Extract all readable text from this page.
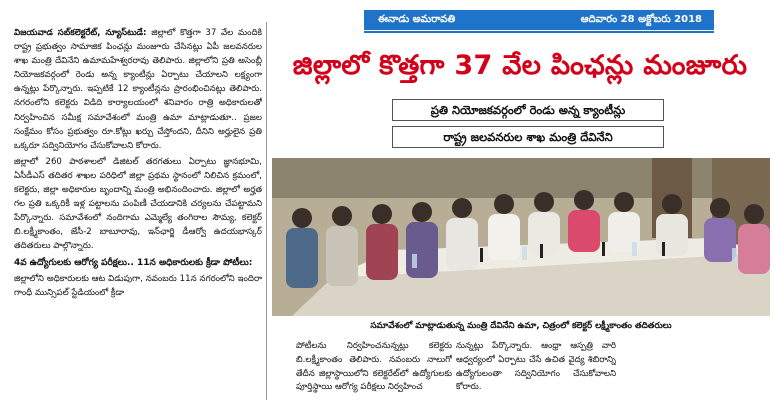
విజయవాడ సబ్‌కలెక్టరేట్, న్యూస్‌టుడే: జిల్లాలో కొత్తగా 37 వేల మందికి రాష్ట్ర ప్రభుత్వం సామాజిక పింఛన్లు మంజూరు చేసినట్లు ఏపీ జలవనరుల శాఖ మంత్రి దేవినేని ఉమామహేశ్వరరావు తెలిపారు. జిల్లాలోని ప్రతి అసెంబ్లీ నియోజకవర్గంలో రెండు అన్న క్యాంటీన్లు ఏర్పాటు చేయాలని లక్ష్యంగా ఉన్నట్లు పేర్కొన్నారు. ఇప్పటికే 12 క్యాంటీన్లను ప్రారంభించినట్లు తెలిపారు. నగరంలోని కలెక్టరు విడిది కార్యాలయంలో శనివారం రాత్రి అధికారులతో నిర్వహించిన సమీక్ష సమావేశంలో మంత్రి ఉమా మాట్లాడుతూ.. ప్రజల సంక్షేమం కోసం ప్రభుత్వం రూ.కోట్లు ఖర్చు చేస్తోందని, దీనిని అర్హులైన ప్రతి ఒక్కరూ సద్వినియోగం చేసుకోవాలని కోరారు.

జిల్లాలో 260 పాఠశాలలో డిజిటల్ తరగతులు ఏర్పాటు జ్ఞానభూమి, ఏసీడీఎస్ తదితర శాఖల పరిధిలో జిల్లా ప్రథమ స్థానంలో నిలిచిన క్రమంలో, కలెక్టరు, జిల్లా అధికారుల బృందాన్ని మంత్రి అభినందించారు. జిల్లాలో అర్హత గల ప్రతి ఒక్కరికీ ఇళ్ల పట్టాలను పంపిణీ చేయడానికి చర్యలను చేపట్టామని పేర్కొన్నారు. సమావేశంలో నందిగామ ఎమ్మెల్యే తంగిరాల సౌమ్య, కలెక్టర్ బి.లక్ష్మీకాంతం, జేసీ-2 బాబూరావు, ఇన్‌ఛార్జి డీఆర్వో ఉదయభాస్కర్ తదితరులు పాల్గొన్నారు.

4వ ఉద్యోగులకు ఆరోగ్య పరీక్షలు.. 11న అధికారులకు క్రీడా పోటీలు:

జిల్లాలోని అధికారులకు ఆట విడుపుగా, నవంబరు 11న నగరంలోని ఇందిరా గాంధీ మున్సిపల్ స్టేడియంలో క్రీడా

ఈనాడు అమరావతి	ఆదివారం 28 అక్టోబరు 2018
జిల్లాలో కొత్తగా 37 వేల పింఛన్లు మంజూరు
ప్రతి నియోజకవర్గంలో రెండు అన్న క్యాంటీన్లు
రాష్ట్ర జలవనరుల శాఖ మంత్రి దేవినేని
సమావేశంలో మాట్లాడుతున్న మంత్రి దేవినేని ఉమా, చిత్రంలో కలెక్టర్ లక్ష్మీకాంతం తదితరులు
పోటీలను నిర్వహించనున్నట్లు కలెక్టరు బి.లక్ష్మీకాంతం తెలిపారు. నవంబరు నాలుగో తేదీన జిల్లాస్థాయిలోని కలెక్టరేట్‌లో ఉద్యోగులకు పూర్తిస్థాయి ఆరోగ్య పరీక్షలు నిర్వహించ
నున్నట్లు పేర్కొన్నారు. ఆంధ్రా ఆస్పత్రి వారి ఆధ్వర్యంలో ఏర్పాటు చేసే ఉచిత వైద్య శిబిరాన్ని ఉద్యోగులంతా సద్వినియోగం చేసుకోవాలని కోరారు.
